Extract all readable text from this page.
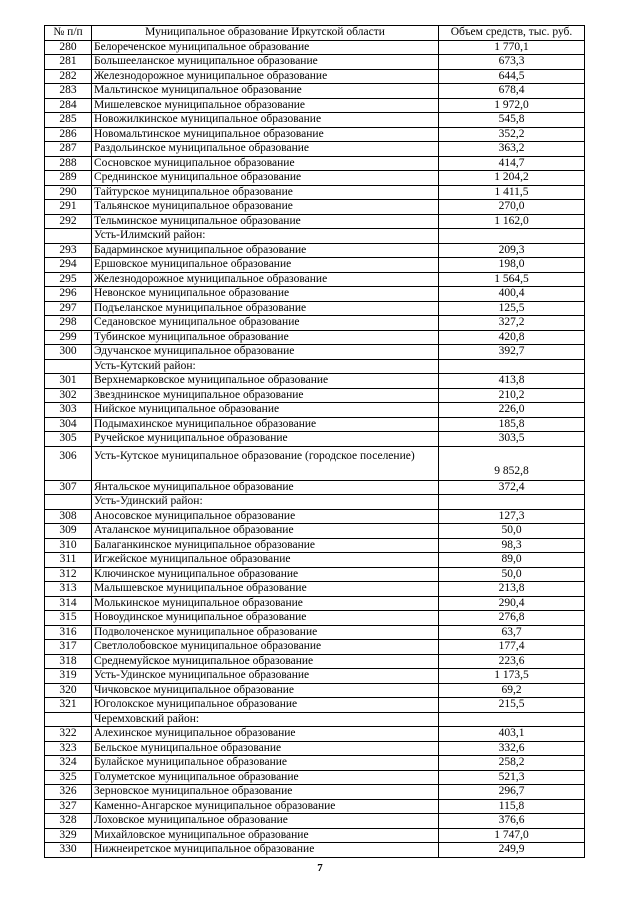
№ п/п	Муниципальное образование Иркутской области	Объем средств, тыс. руб.
280	Белореченское муниципальное образование	1 770,1
281	Большееланское муниципальное образование	673,3
282	Железнодорожное муниципальное образование	644,5
283	Мальтинское муниципальное образование	678,4
284	Мишелевское муниципальное образование	1 972,0
285	Новожилкинское муниципальное образование	545,8
286	Новомальтинское муниципальное образование	352,2
287	Раздольинское муниципальное образование	363,2
288	Сосновское муниципальное образование	414,7
289	Среднинское муниципальное образование	1 204,2
290	Тайтурское муниципальное образование	1 411,5
291	Тальянское муниципальное образование	270,0
292	Тельминское муниципальное образование	1 162,0
	Усть-Илимский район:	
293	Бадарминское муниципальное образование	209,3
294	Ершовское муниципальное образование	198,0
295	Железнодорожное муниципальное образование	1 564,5
296	Невонское муниципальное образование	400,4
297	Подъеланское муниципальное образование	125,5
298	Седановское муниципальное образование	327,2
299	Тубинское муниципальное образование	420,8
300	Эдучанское муниципальное образование	392,7
	Усть-Кутский район:	
301	Верхнемарковское муниципальное образование	413,8
302	Звезднинское муниципальное образование	210,2
303	Нийское муниципальное образование	226,0
304	Подымахинское муниципальное образование	185,8
305	Ручейское муниципальное образование	303,5
306	Усть-Кутское муниципальное образование (городское поселение)	9 852,8
307	Янтальское муниципальное образование	372,4
	Усть-Удинский район:	
308	Аносовское муниципальное образование	127,3
309	Аталанское муниципальное образование	50,0
310	Балаганкинское муниципальное образование	98,3
311	Игжейское муниципальное образование	89,0
312	Ключинское муниципальное образование	50,0
313	Малышевское муниципальное образование	213,8
314	Молькинское муниципальное образование	290,4
315	Новоудинское муниципальное образование	276,8
316	Подволоченское муниципальное образование	63,7
317	Светлолобовское муниципальное образование	177,4
318	Среднемуйское муниципальное образование	223,6
319	Усть-Удинское муниципальное образование	1 173,5
320	Чичковское муниципальное образование	69,2
321	Юголокское муниципальное образование	215,5
	Черемховский район:	
322	Алехинское муниципальное образование	403,1
323	Бельское муниципальное образование	332,6
324	Булайское муниципальное образование	258,2
325	Голуметское муниципальное образование	521,3
326	Зерновское муниципальное образование	296,7
327	Каменно-Ангарское муниципальное образование	115,8
328	Лоховское муниципальное образование	376,6
329	Михайловское муниципальное образование	1 747,0
330	Нижнеиретское муниципальное образование	249,9
7
